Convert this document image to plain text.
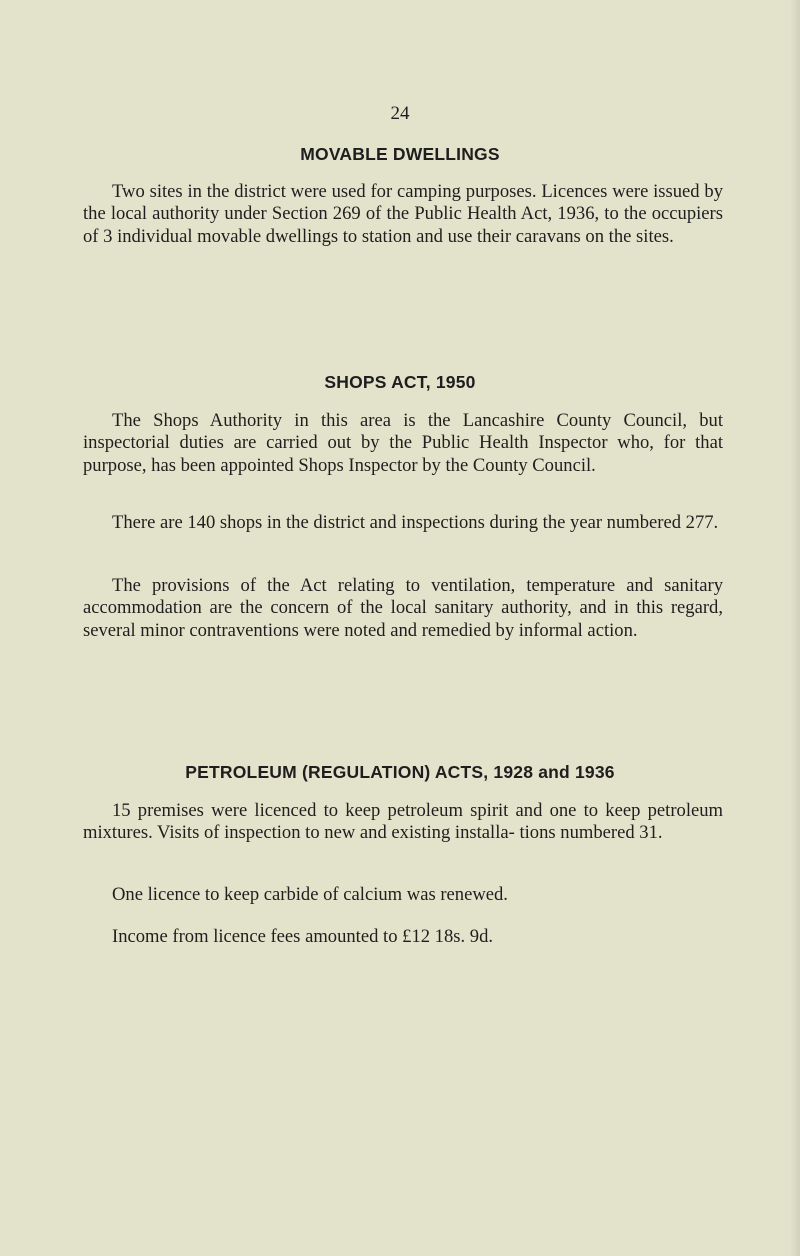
24
MOVABLE DWELLINGS

Two sites in the district were used for camping purposes. Licences were issued by the local authority under Section 269 of the Public Health Act, 1936, to the occupiers of 3 individual movable dwellings to station and use their caravans on the sites.

SHOPS ACT, 1950

The Shops Authority in this area is the Lancashire County Council, but inspectorial duties are carried out by the Public Health Inspector who, for that purpose, has been appointed Shops Inspector by the County Council.

There are 140 shops in the district and inspections during the year numbered 277.

The provisions of the Act relating to ventilation, temperature and sanitary accommodation are the concern of the local sanitary authority, and in this regard, several minor contraventions were noted and remedied by informal action.

PETROLEUM (REGULATION) ACTS, 1928 and 1936

15 premises were licenced to keep petroleum spirit and one to keep petroleum mixtures. Visits of inspection to new and existing installa- tions numbered 31.

One licence to keep carbide of calcium was renewed.

Income from licence fees amounted to £12 18s. 9d.
